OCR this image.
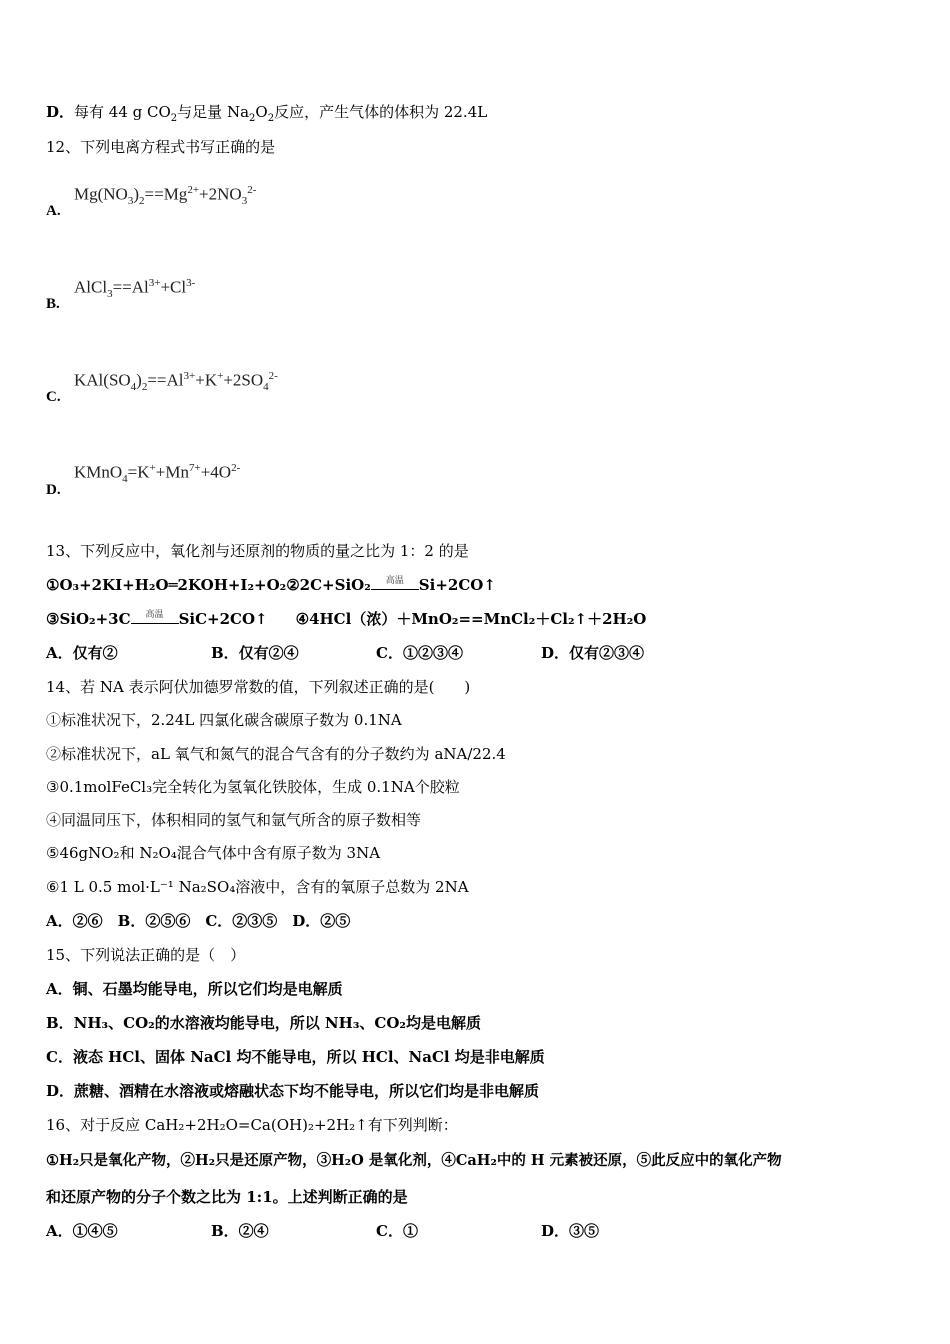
D．每有 44 g $CO_2$与足量 $Na_2O_2$反应，产生气体的体积为 22.4L
12、下列电离方程式书写正确的是
$Mg(NO_3)_2==Mg^{2+}+2NO_3^{2-}$
A.
$AlCl_3==Al^{3+}+Cl^{3-}$
B.
$KAl(SO_4)_2==Al^{3+}+K^++2SO_4^{2-}$
C.
$KMnO_4=K^++Mn^{7+}+4O^{2-}$
D.
13、下列反应中，氧化剂与还原剂的物质的量之比为 1：2 的是
①O₃+2KI+H₂O═2KOH+I₂+O₂②2C+SiO₂	高温	Si+2CO↑
③SiO₂+3C	高温	SiC+2CO↑ ④4HCl（浓）＋MnO₂==MnCl₂＋Cl₂↑＋2H₂O
A．仅有②	B．仅有②④	C．①②③④	D．仅有②③④
14、若 NA 表示阿伏加德罗常数的值，下列叙述正确的是(　　)
①标准状况下，2.24L 四氯化碳含碳原子数为 0.1NA
②标准状况下，aL 氧气和氮气的混合气含有的分子数约为 aNA/22.4
③0.1molFeCl₃完全转化为氢氧化铁胶体，生成 0.1NA个胶粒
④同温同压下，体积相同的氢气和氩气所含的原子数相等
⑤46gNO₂和 N₂O₄混合气体中含有原子数为 3NA
⑥1 L 0.5 mol·L⁻¹ Na₂SO₄溶液中，含有的氧原子总数为 2NA
A．②⑥　B．②⑤⑥　C．②③⑤　D．②⑤
15、下列说法正确的是（　）
A．铜、石墨均能导电，所以它们均是电解质
B．NH₃、CO₂的水溶液均能导电，所以 NH₃、CO₂均是电解质
C．液态 HCl、固体 NaCl 均不能导电，所以 HCl、NaCl 均是非电解质
D．蔗糖、酒精在水溶液或熔融状态下均不能导电，所以它们均是非电解质
16、对于反应 CaH₂+2H₂O=Ca(OH)₂+2H₂↑有下列判断：
①H₂只是氧化产物，②H₂只是还原产物，③H₂O 是氧化剂，④CaH₂中的 H 元素被还原，⑤此反应中的氧化产物
和还原产物的分子个数之比为 1:1。上述判断正确的是
A．①④⑤	B．②④	C．①	D．③⑤
